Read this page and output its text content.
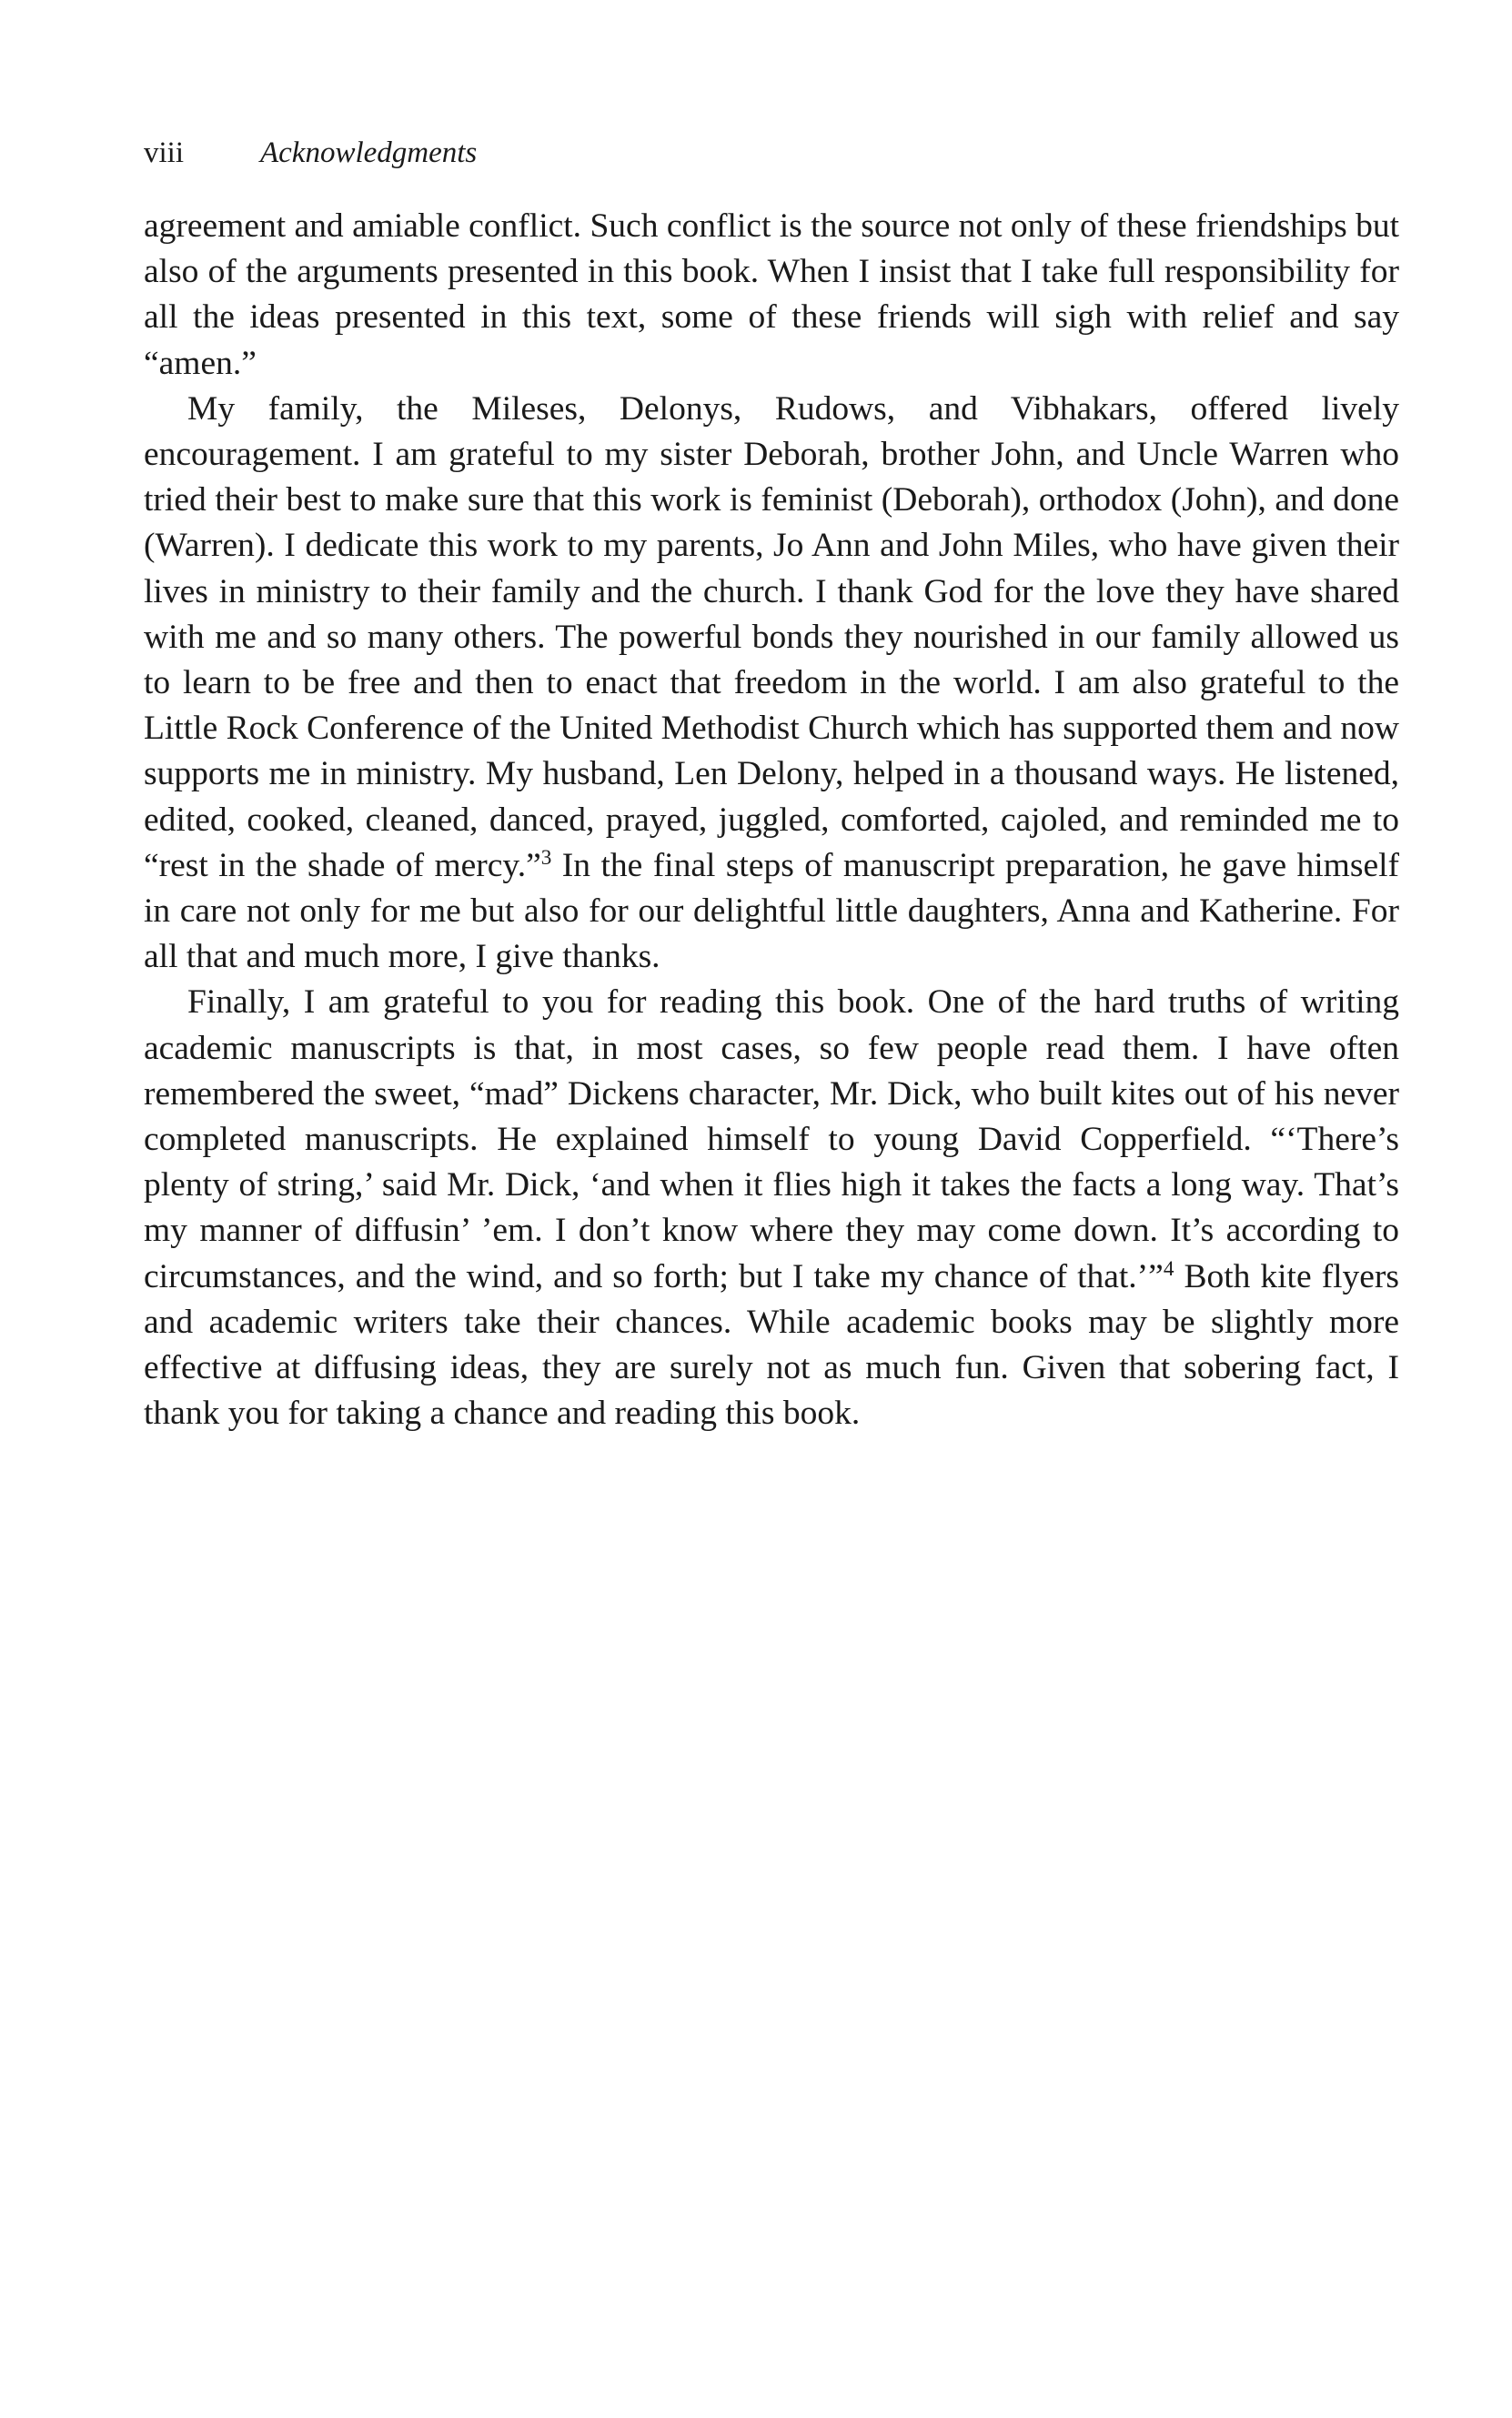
viii	Acknowledgments

agreement and amiable conflict. Such conflict is the source not only of these friendships but also of the arguments presented in this book. When I insist that I take full responsibility for all the ideas presented in this text, some of these friends will sigh with relief and say “amen.”

My family, the Mileses, Delonys, Rudows, and Vibhakars, offered lively encouragement. I am grateful to my sister Deborah, brother John, and Uncle Warren who tried their best to make sure that this work is feminist (Deborah), orthodox (John), and done (Warren). I dedicate this work to my parents, Jo Ann and John Miles, who have given their lives in ministry to their family and the church. I thank God for the love they have shared with me and so many others. The powerful bonds they nourished in our family allowed us to learn to be free and then to enact that freedom in the world. I am also grateful to the Little Rock Conference of the United Methodist Church which has supported them and now supports me in ministry. My husband, Len Delony, helped in a thousand ways. He listened, edited, cooked, cleaned, danced, prayed, juggled, comforted, cajoled, and reminded me to “rest in the shade of mercy.”$^3$ In the final steps of manuscript preparation, he gave himself in care not only for me but also for our delightful little daughters, Anna and Katherine. For all that and much more, I give thanks.

Finally, I am grateful to you for reading this book. One of the hard truths of writing academic manuscripts is that, in most cases, so few people read them. I have often remembered the sweet, “mad” Dickens character, Mr. Dick, who built kites out of his never completed manuscripts. He explained himself to young David Copperfield. “‘There’s plenty of string,’ said Mr. Dick, ‘and when it flies high it takes the facts a long way. That’s my manner of diffusin’ ’em. I don’t know where they may come down. It’s according to circumstances, and the wind, and so forth; but I take my chance of that.’”$^4$ Both kite flyers and academic writers take their chances. While academic books may be slightly more effective at diffusing ideas, they are surely not as much fun. Given that sobering fact, I thank you for taking a chance and reading this book.
